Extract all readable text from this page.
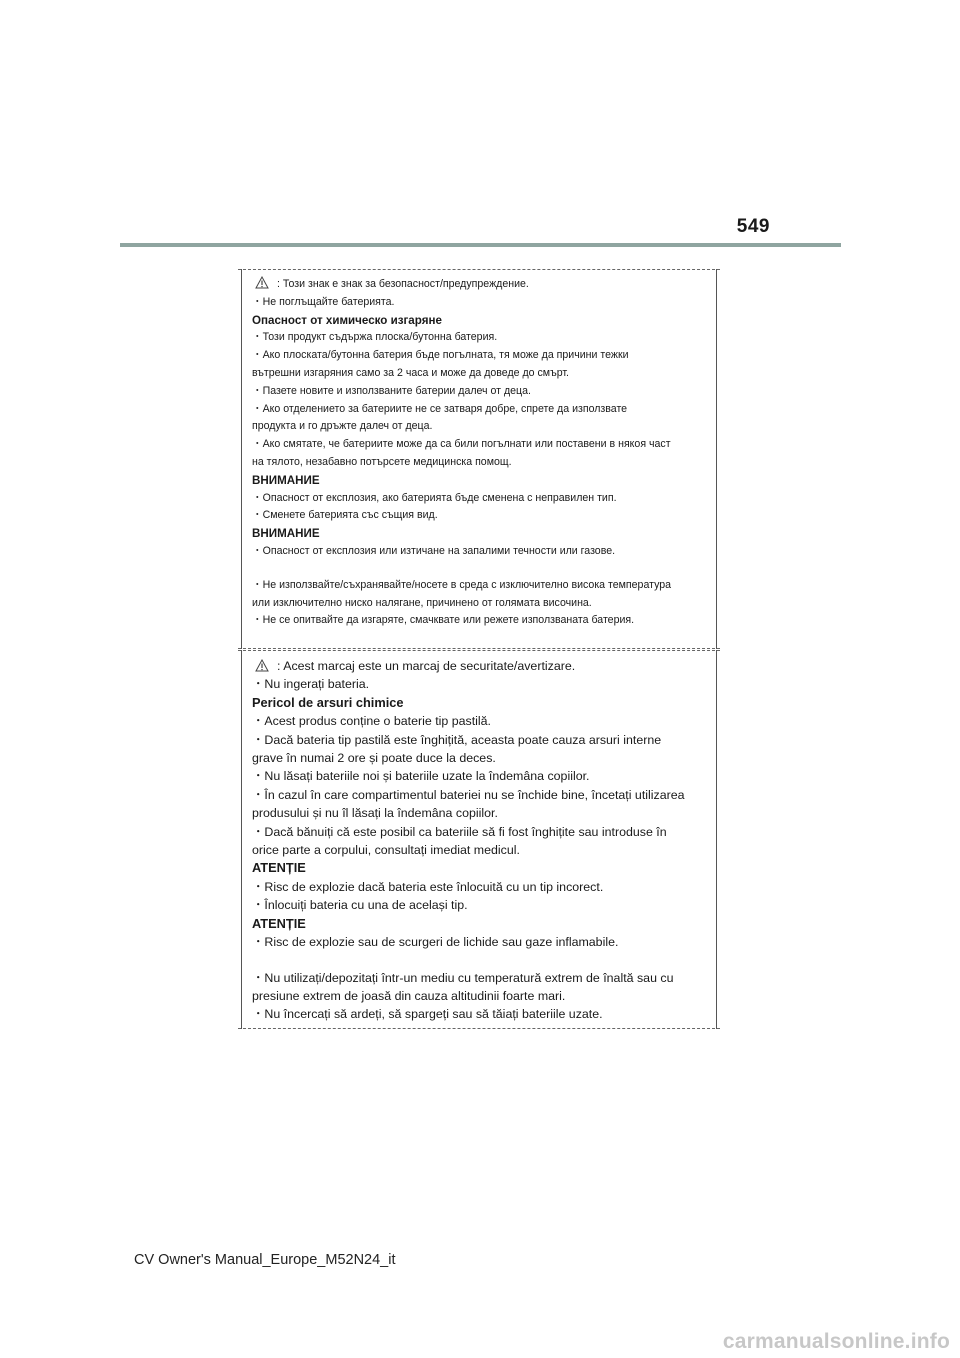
549
: Този знак е знак за безопасност/предупреждение.
・Не поглъщайте батерията.
Опасност от химическо изгаряне
・Този продукт съдържа плоска/бутонна батерия.
・Ако плоската/бутонна батерия бъде погълната, тя може да причини тежки
вътрешни изгаряния само за 2 часа и може да доведе до смърт.
・Пазете новите и използваните батерии далеч от деца.
・Ако отделението за батериите не се затваря добре, спрете да използвате
продукта и го дръжте далеч от деца.
・Ако смятате, че батериите може да са били погълнати или поставени в някоя част
на тялото, незабавно потърсете медицинска помощ.
ВНИМАНИЕ
・Опасност от експлозия, ако батерията бъде сменена с неправилен тип.
・Сменете батерията със същия вид.
ВНИМАНИЕ
・Опасност от експлозия или изтичане на запалими течности или газове.
・Не използвайте/съхранявайте/носете в среда с изключително висока температура
или изключително ниско налягане, причинено от голямата височина.
・Не се опитвайте да изгаряте, смачквате или режете използваната батерия.
: Acest marcaj este un marcaj de securitate/avertizare.
・Nu ingerați bateria.
Pericol de arsuri chimice
・Acest produs conține o baterie tip pastilă.
・Dacă bateria tip pastilă este înghițită, aceasta poate cauza arsuri interne
grave în numai 2 ore și poate duce la deces.
・Nu lăsați bateriile noi și bateriile uzate la îndemâna copiilor.
・În cazul în care compartimentul bateriei nu se închide bine, încetați utilizarea
produsului și nu îl lăsați la îndemâna copiilor.
・Dacă bănuiți că este posibil ca bateriile să fi fost înghițite sau introduse în
orice parte a corpului, consultați imediat medicul.
ATENȚIE
・Risc de explozie dacă bateria este înlocuită cu un tip incorect.
・Înlocuiți bateria cu una de același tip.
ATENȚIE
・Risc de explozie sau de scurgeri de lichide sau gaze inflamabile.
・Nu utilizați/depozitați într-un mediu cu temperatură extrem de înaltă sau cu
presiune extrem de joasă din cauza altitudinii foarte mari.
・Nu încercați să ardeți, să spargeți sau să tăiați bateriile uzate.
CV Owner's Manual_Europe_M52N24_it
carmanualsonline.info
